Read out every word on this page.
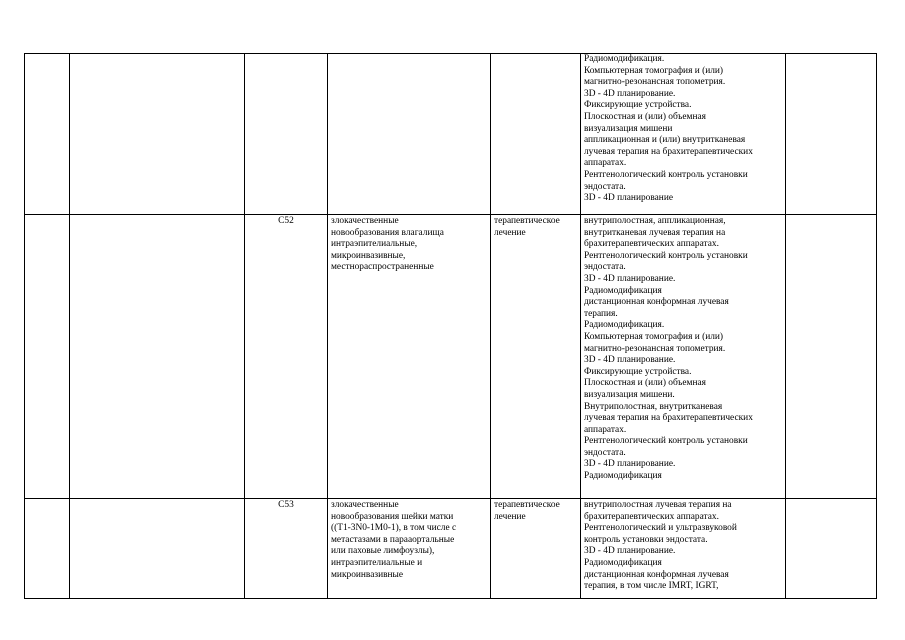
Радиомодификация.
Компьютерная томография и (или)
магнитно-резонансная топометрия.
3D - 4D планирование.
Фиксирующие устройства.
Плоскостная и (или) объемная
визуализация мишени
аппликационная и (или) внутритканевая
лучевая терапия на брахитерапевтических
аппаратах.
Рентгенологический контроль установки
эндостата.
3D - 4D планирование
C52	злокачественные
новообразования влагалища
интраэпителиальные,
микроинвазивные,
местнораспространенные
терапевтическое
лечение
внутриполостная, аппликационная,
внутритканевая лучевая терапия на
брахитерапевтических аппаратах.
Рентгенологический контроль установки
эндостата.
3D - 4D планирование.
Радиомодификация
дистанционная конформная лучевая
терапия.
Радиомодификация.
Компьютерная томография и (или)
магнитно-резонансная топометрия.
3D - 4D планирование.
Фиксирующие устройства.
Плоскостная и (или) объемная
визуализация мишени.
Внутриполостная, внутритканевая
лучевая терапия на брахитерапевтических
аппаратах.
Рентгенологический контроль установки
эндостата.
3D - 4D планирование.
Радиомодификация
C53	злокачественные
новообразования шейки матки
((T1-3N0-1M0-1), в том числе с
метастазами в парааортальные
или паховые лимфоузлы),
интраэпителиальные и
микроинвазивные
терапевтическое
лечение
внутриполостная лучевая терапия на
брахитерапевтических аппаратах.
Рентгенологический и ультразвуковой
контроль установки эндостата.
3D - 4D планирование.
Радиомодификация
дистанционная конформная лучевая
терапия, в том числе IMRT, IGRT,
